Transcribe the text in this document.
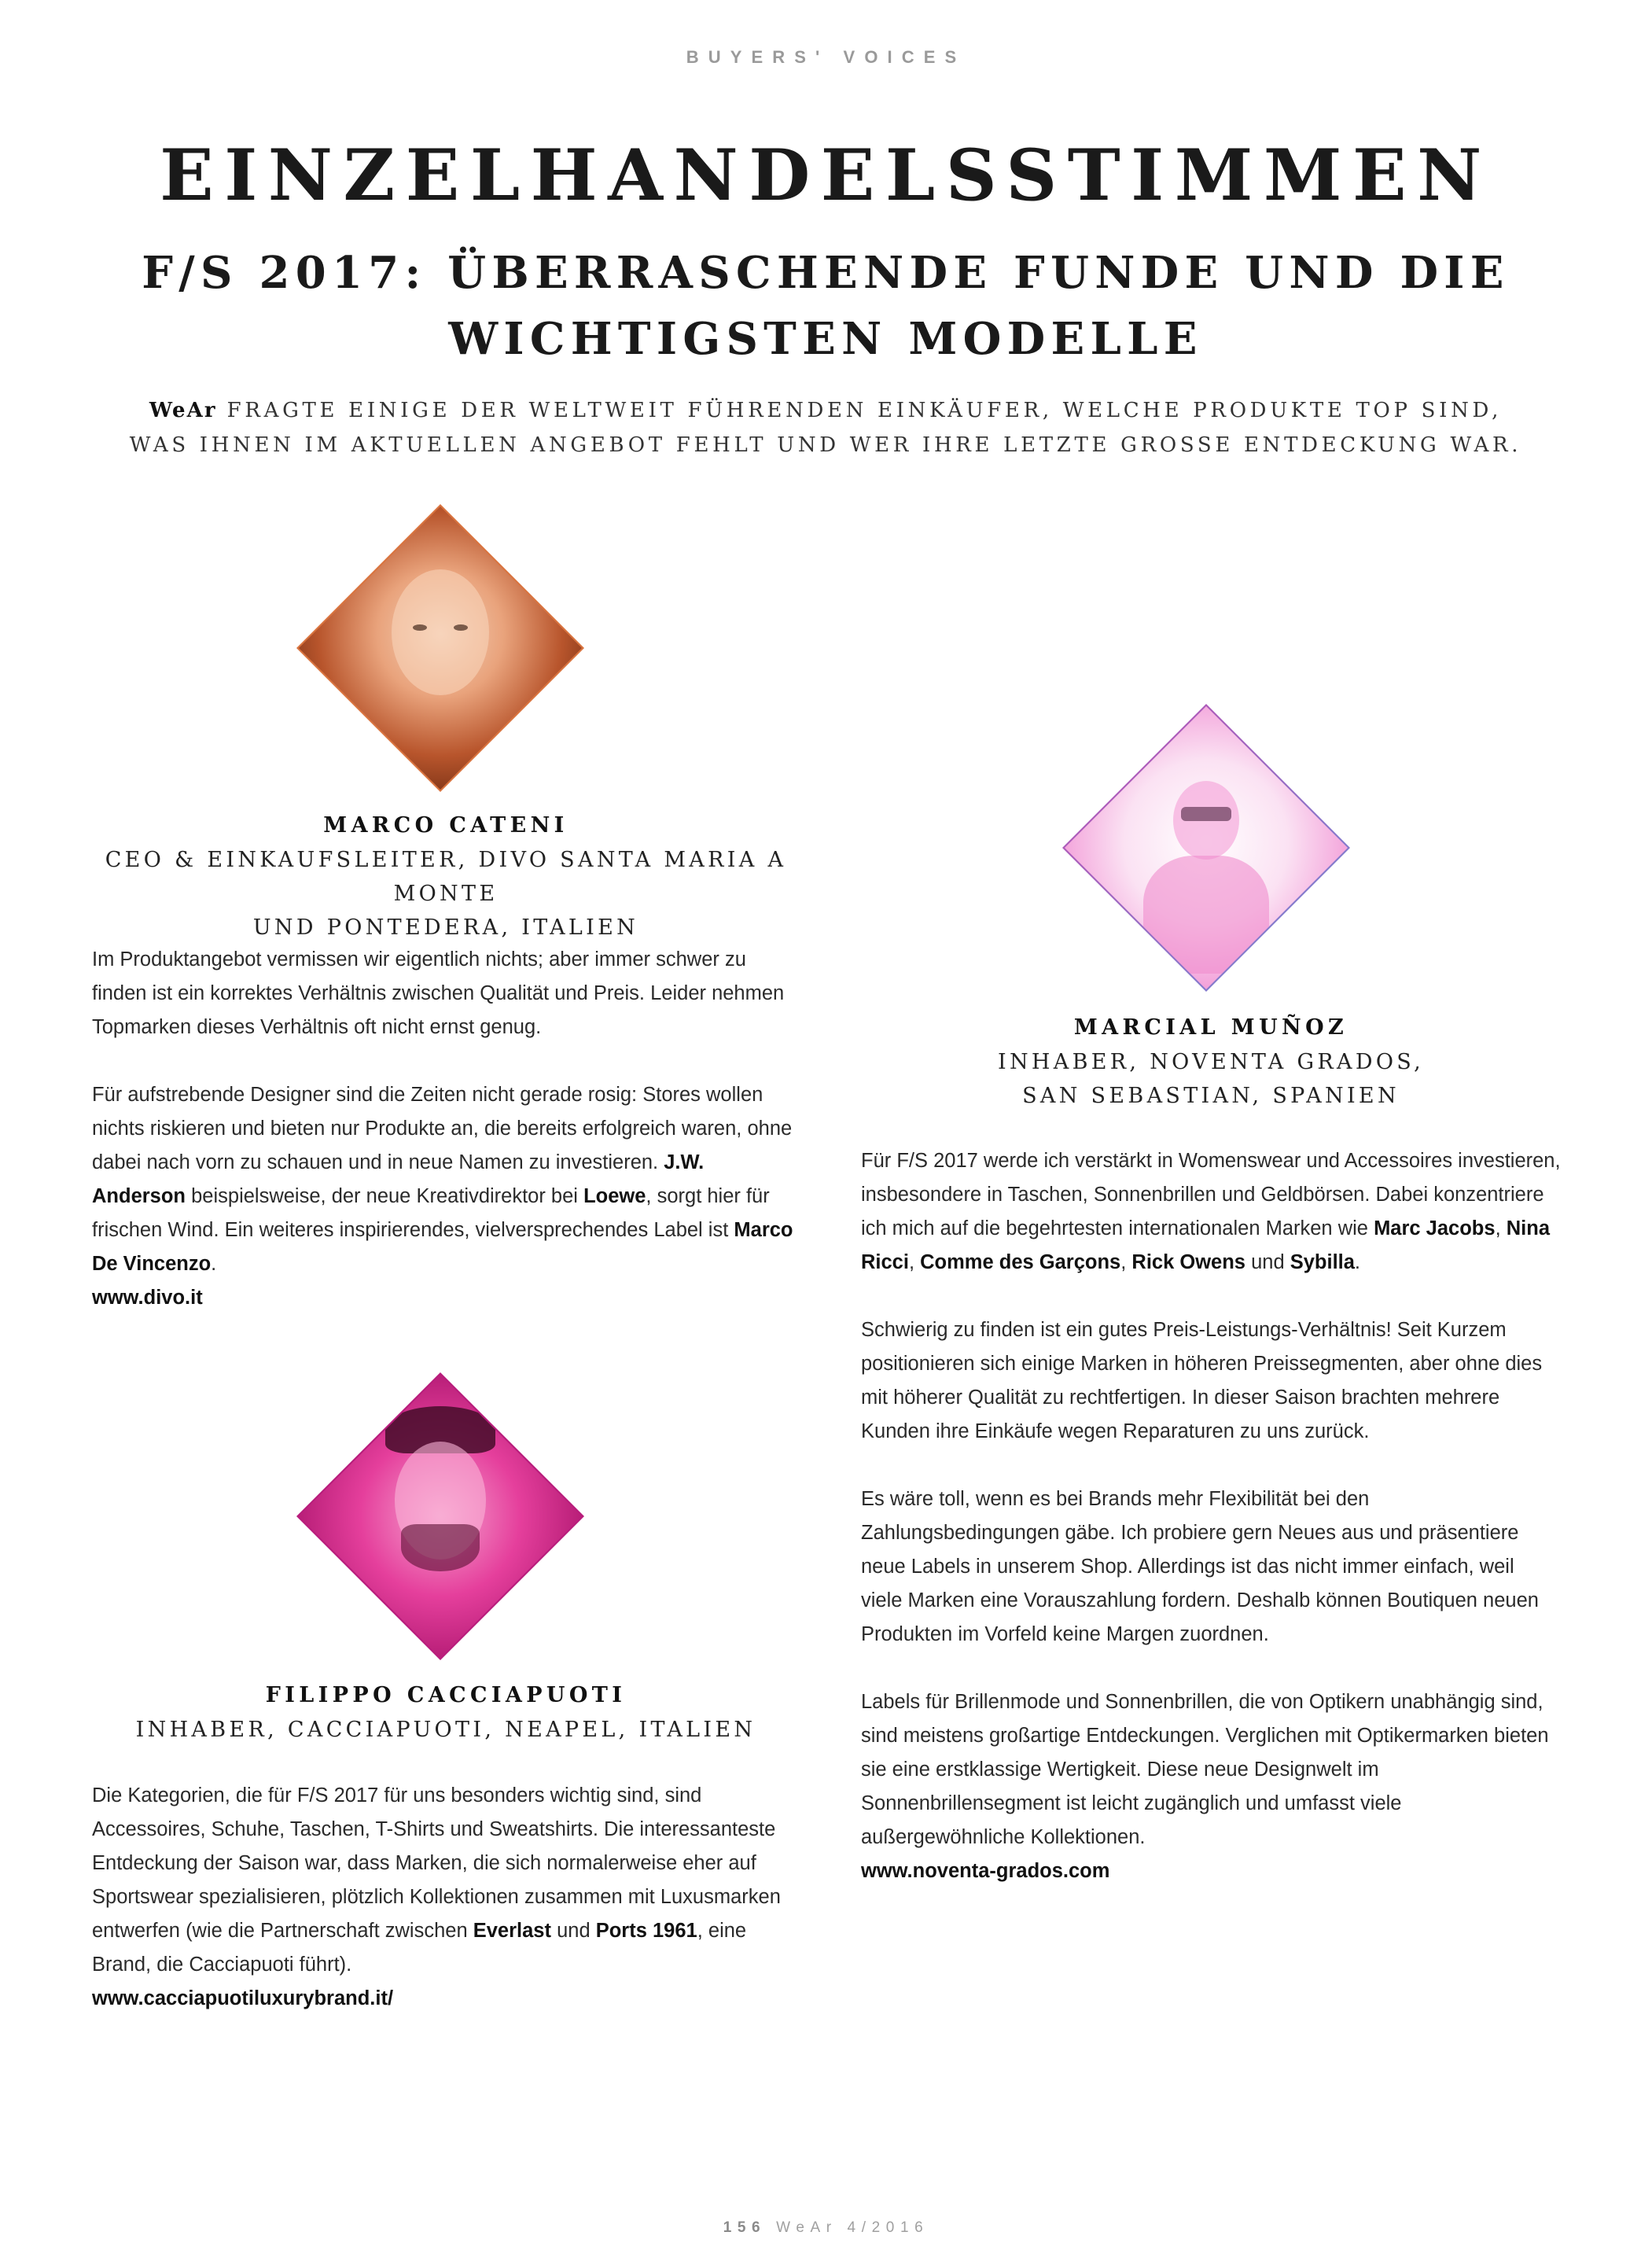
BUYERS' VOICES
EINZELHANDELSSTIMMEN
F/S 2017: ÜBERRASCHENDE FUNDE UND DIE WICHTIGSTEN MODELLE
WeAr FRAGTE EINIGE DER WELTWEIT FÜHRENDEN EINKÄUFER, WELCHE PRODUKTE TOP SIND,
WAS IHNEN IM AKTUELLEN ANGEBOT FEHLT UND WER IHRE LETZTE GROSSE ENTDECKUNG WAR.
MARCO CATENI
CEO & EINKAUFSLEITER, DIVO SANTA MARIA A MONTE
UND PONTEDERA, ITALIEN

Im Produktangebot vermissen wir eigentlich nichts; aber immer schwer zu finden ist ein korrektes Verhältnis zwischen Qualität und Preis. Leider nehmen Topmarken dieses Verhältnis oft nicht ernst genug.

Für aufstrebende Designer sind die Zeiten nicht gerade rosig: Stores wollen nichts riskieren und bieten nur Produkte an, die bereits erfolgreich waren, ohne dabei nach vorn zu schauen und in neue Namen zu investieren. J.W. Anderson beispielsweise, der neue Kreativdirektor bei Loewe, sorgt hier für frischen Wind. Ein weiteres inspirierendes, vielversprechendes Label ist Marco De Vincenzo.
www.divo.it

MARCIAL MUÑOZ
INHABER, NOVENTA GRADOS,
SAN SEBASTIAN, SPANIEN

Für F/S 2017 werde ich verstärkt in Womenswear und Accessoires investieren, insbesondere in Taschen, Sonnenbrillen und Geldbörsen. Dabei konzentriere ich mich auf die begehrtesten internationalen Marken wie Marc Jacobs, Nina Ricci, Comme des Garçons, Rick Owens und Sybilla.

Schwierig zu finden ist ein gutes Preis-Leistungs-Verhältnis! Seit Kurzem positionieren sich einige Marken in höheren Preissegmenten, aber ohne dies mit höherer Qualität zu rechtfertigen. In dieser Saison brachten mehrere Kunden ihre Einkäufe wegen Reparaturen zu uns zurück.

Es wäre toll, wenn es bei Brands mehr Flexibilität bei den Zahlungsbedingungen gäbe. Ich probiere gern Neues aus und präsentiere neue Labels in unserem Shop. Allerdings ist das nicht immer einfach, weil viele Marken eine Vorauszahlung fordern. Deshalb können Boutiquen neuen Produkten im Vorfeld keine Margen zuordnen.

Labels für Brillenmode und Sonnenbrillen, die von Optikern unabhängig sind, sind meistens großartige Entdeckungen. Verglichen mit Optikermarken bieten sie eine erstklassige Wertigkeit. Diese neue Designwelt im Sonnenbrillensegment ist leicht zugänglich und umfasst viele außergewöhnliche Kollektionen.
www.noventa-grados.com

FILIPPO CACCIAPUOTI
INHABER, CACCIAPUOTI, NEAPEL, ITALIEN

Die Kategorien, die für F/S 2017 für uns besonders wichtig sind, sind Accessoires, Schuhe, Taschen, T-Shirts und Sweatshirts. Die interessanteste Entdeckung der Saison war, dass Marken, die sich normalerweise eher auf Sportswear spezialisieren, plötzlich Kollektionen zusammen mit Luxusmarken entwerfen (wie die Partnerschaft zwischen Everlast und Ports 1961, eine Brand, die Cacciapuoti führt).
www.cacciapuotiluxurybrand.it/

156 WeAr 4/2016
